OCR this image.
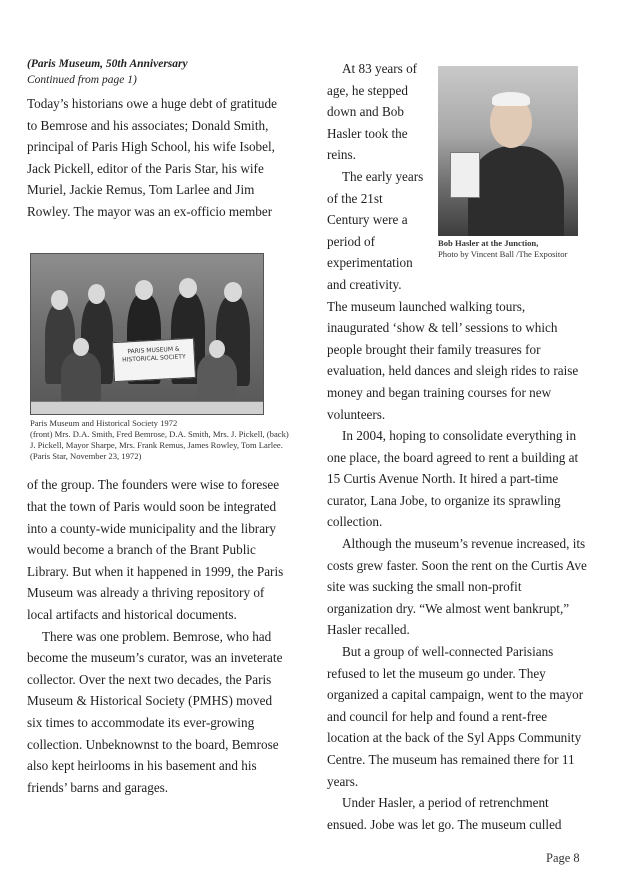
(Paris Museum, 50th Anniversary

Continued from page 1)

Today’s historians owe a huge debt of gratitude to Bemrose and his associates; Donald Smith, principal of Paris High School, his wife Isobel, Jack Pickell, editor of the Paris Star, his wife Muriel, Jackie Remus, Tom Larlee and Jim Rowley. The mayor was an ex-officio member

PARIS MUSEUM & HISTORICAL SOCIETY
Paris Museum and Historical Society 1972
(front) Mrs. D.A. Smith, Fred Bemrose, D.A. Smith, Mrs. J. Pickell, (back) J. Pickell, Mayor Sharpe, Mrs. Frank Remus, James Rowley, Tom Larlee. (Paris Star, November 23, 1972)

of the group. The founders were wise to foresee that the town of Paris would soon be integrated into a county-wide municipality and the library would become a branch of the Brant Public Library. But when it happened in 1999, the Paris Museum was already a thriving repository of local artifacts and historical documents.

There was one problem. Bemrose, who had become the museum’s curator, was an inveterate collector. Over the next two decades, the Paris Museum & Historical Society (PMHS) moved six times to accommodate its ever-growing collection. Unbeknownst to the board, Bemrose also kept heirlooms in his basement and his friends’ barns and garages.

Bob Hasler at the Junction,
Photo by Vincent Ball /The Expositor

At 83 years of age, he stepped down and Bob Hasler took the reins.

The early years of the 21st Century were a period of experimentation and creativity.

The museum launched walking tours, inaugurated ‘show & tell’ sessions to which people brought their family treasures for evaluation, held dances and sleigh rides to raise money and began training courses for new volunteers.

In 2004, hoping to consolidate everything in one place, the board agreed to rent a building at 15 Curtis Avenue North. It hired a part-time curator, Lana Jobe, to organize its sprawling collection.

Although the museum’s revenue increased, its costs grew faster. Soon the rent on the Curtis Ave site was sucking the small non-profit organization dry. “We almost went bankrupt,” Hasler recalled.

But a group of well-connected Parisians refused to let the museum go under. They organized a capital campaign, went to the mayor and council for help and found a rent-free location at the back of the Syl Apps Community Centre. The museum has remained there for 11 years.

Under Hasler, a period of retrenchment ensued. Jobe was let go. The museum culled

Page 8
